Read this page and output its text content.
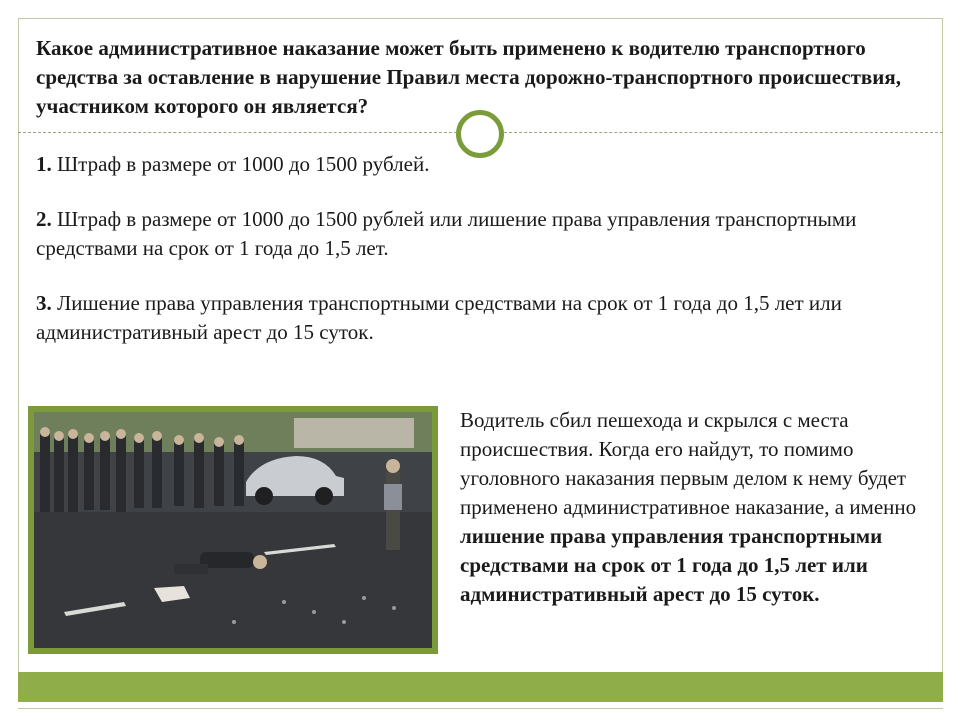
Какое административное наказание может быть применено к водителю транспортного средства за оставление в нарушение Правил места дорожно-транспортного происшествия, участником которого он является?

1. Штраф в размере от 1000 до 1500 рублей.

2. Штраф в размере от 1000 до 1500 рублей или лишение права управления транспортными средствами на срок от 1 года до 1,5 лет.

3. Лишение права управления транспортными средствами на срок от 1 года до 1,5 лет или административный арест до 15 суток.

Водитель сбил пешехода и скрылся с места происшествия. Когда его найдут, то помимо уголовного наказания первым делом к нему будет применено административное наказание, а именно лишение права управления транспортными средствами на срок от 1 года до 1,5 лет или административный арест до 15 суток.
